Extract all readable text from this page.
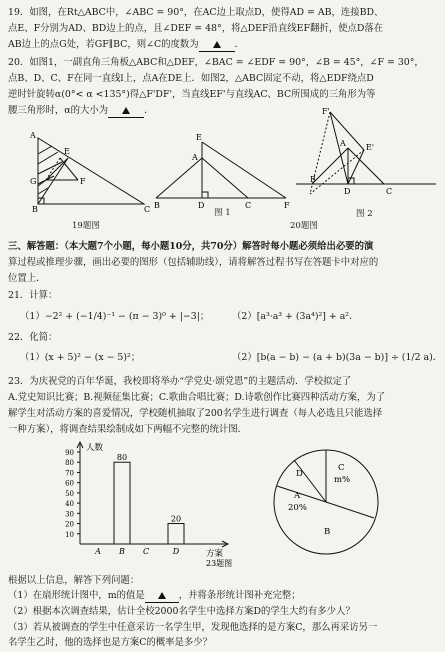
19．如图，在Rt△ABC中，∠ABC = 90°，在AC边上取点D，使得AD = AB，连接BD、
点E、F分别为AD、BD边上的点，且∠DEF = 48°，将△DEF沿直线EF翻折，使点D落在
AB边上的点G处，若GF∥BC，则∠C的度数为	．
20．如图1，一副直角三角板△ABC和△DEF，∠BAC = ∠EDF = 90°，∠B = 45°，∠F = 30°，
点B、D、C、F在同一直线l上，点A在DE上．如图2，△ABC固定不动，将△EDF绕点D
逆时针旋转α(0°< α <135°)得△F'DF'，当直线EF'与直线AC、BC所围成的三角形为等
腰三角形时，α的大小为	．
A
E
G	F
B	C
19题图
E
A
B	D	C	F
图 1
F'
E'
A
B
D	C
20题图
图 2
三、解答题：（本大题7个小题，每小题10分，共70分）解答时每小题必须给出必要的演
算过程或推理步骤，画出必要的图形（包括辅助线），请将解答过程书写在答题卡中对应的
位置上．
21．计算：
（1）−2² + (−1/4)⁻¹ − (π − 3)⁰ + |−3|； （2）[a³·a³ + (3a⁴)²] + a²．
22．化简：
（1）(x + 5)² − (x − 5)²；	（2）[b(a − b) − (a + b)(3a − b)] ÷ (1/2 a)．
23．为庆祝党的百年华诞，我校即将举办“学党史·颂党恩”的主题活动．学校拟定了
A.党史知识比赛；B.视频征集比赛；C.歌曲合唱比赛；D.诗歌创作比赛四种活动方案，为了
解学生对活动方案的喜爱情况，学校随机抽取了200名学生进行调查（每人必选且只能选择
一种方案），将调查结果绘制成如下两幅不完整的统计图．
10
20
30
40
50
60
70
80
90
A B C	D
80
20
人数
方案
23题图
D
C
m%
A
20%
B
根据以上信息，解答下列问题：
（1）在扇形统计图中，m的值是	，并将条形统计图补充完整；
（2）根据本次调查结果，估计全校2000名学生中选择方案D的学生大约有多少人？
（3）若从被调查的学生中任意采访一名学生甲，发现他选择的是方案C，那么再采访另一
名学生乙时，他的选择也是方案C的概率是多少？
